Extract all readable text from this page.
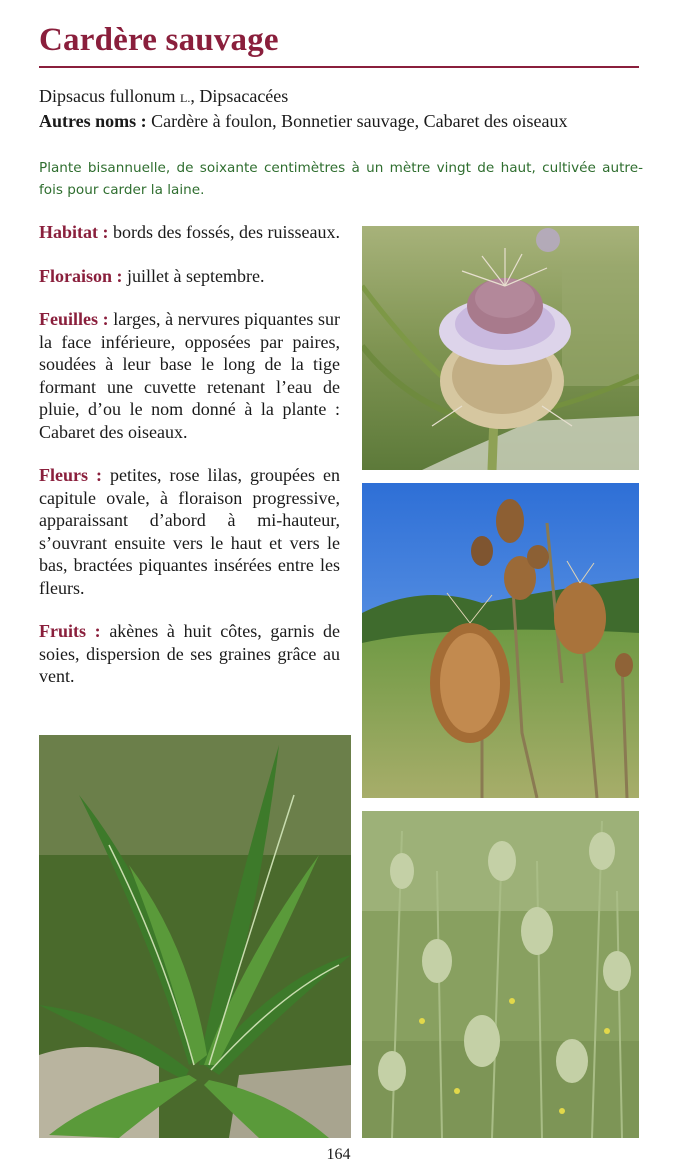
Cardère sauvage
Dipsacus fullonum L., Dipsacacées
Autres noms : Cardère à foulon, Bonnetier sauvage, Cabaret des oiseaux

Plante bisannuelle, de soixante centimètres à un mètre vingt de haut, cultivée autre-fois pour carder la laine.

Habitat : bords des fossés, des ruisseaux.

Floraison : juillet à septembre.

Feuilles : larges, à nervures piquantes sur la face inférieure, opposées par paires, soudées à leur base le long de la tige formant une cuvette retenant l’eau de pluie, d’ou le nom donné à la plante : Cabaret des oiseaux.

Fleurs : petites, rose lilas, groupées en capitule ovale, à floraison progressive, apparaissant d’abord à mi-hauteur, s’ouvrant ensuite vers le haut et vers le bas, bractées piquantes insérées entre les fleurs.

Fruits : akènes à huit côtes, garnis de soies, dispersion de ses graines grâce au vent.

164
